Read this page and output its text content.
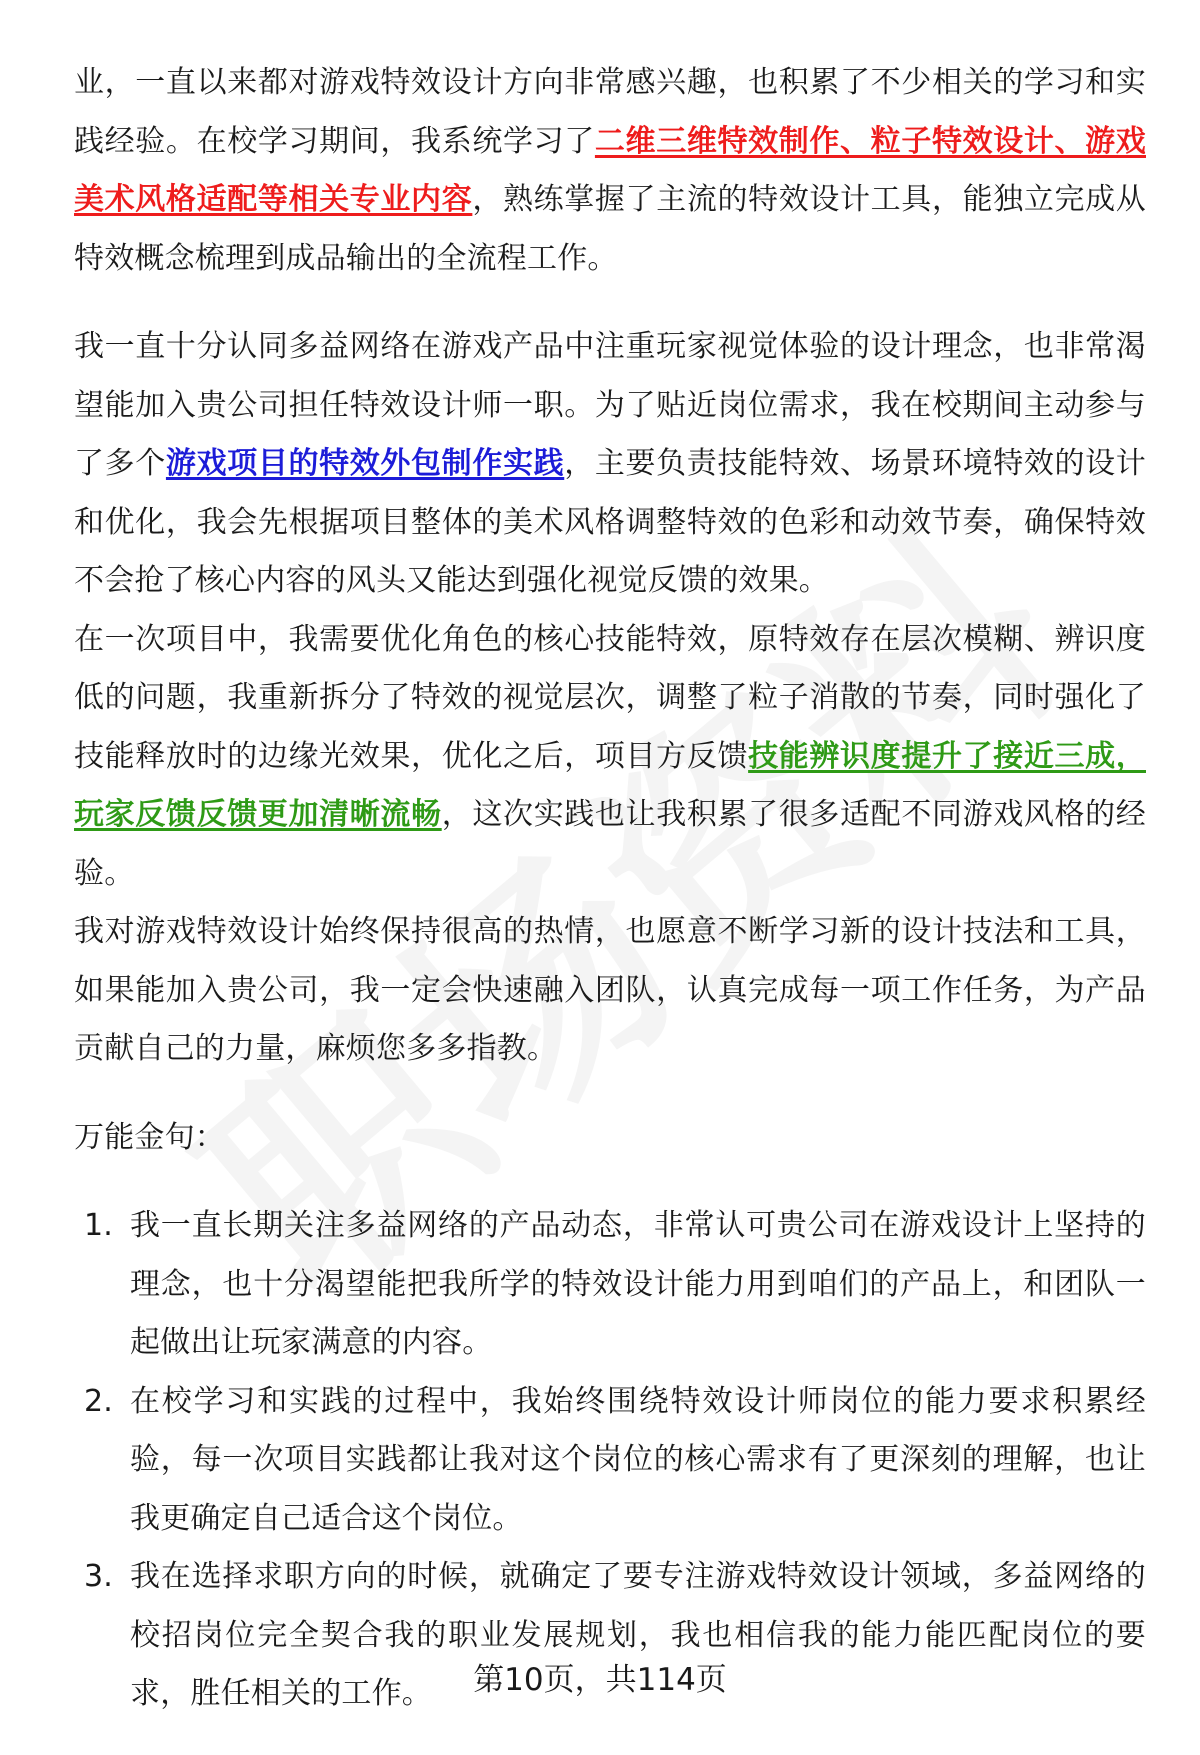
业，一直以来都对游戏特效设计方向非常感兴趣，也积累了不少相关的学习和实践经验。在校学习期间，我系统学习了二维三维特效制作、粒子特效设计、游戏美术风格适配等相关专业内容，熟练掌握了主流的特效设计工具，能独立完成从特效概念梳理到成品输出的全流程工作。

我一直十分认同多益网络在游戏产品中注重玩家视觉体验的设计理念，也非常渴望能加入贵公司担任特效设计师一职。为了贴近岗位需求，我在校期间主动参与了多个游戏项目的特效外包制作实践，主要负责技能特效、场景环境特效的设计和优化，我会先根据项目整体的美术风格调整特效的色彩和动效节奏，确保特效不会抢了核心内容的风头又能达到强化视觉反馈的效果。

在一次项目中，我需要优化角色的核心技能特效，原特效存在层次模糊、辨识度低的问题，我重新拆分了特效的视觉层次，调整了粒子消散的节奏，同时强化了技能释放时的边缘光效果，优化之后，项目方反馈技能辨识度提升了接近三成，玩家反馈反馈更加清晰流畅，这次实践也让我积累了很多适配不同游戏风格的经验。

我对游戏特效设计始终保持很高的热情，也愿意不断学习新的设计技法和工具，如果能加入贵公司，我一定会快速融入团队，认真完成每一项工作任务，为产品贡献自己的力量，麻烦您多多指教。

万能金句：

1. 我一直长期关注多益网络的产品动态，非常认可贵公司在游戏设计上坚持的理念，也十分渴望能把我所学的特效设计能力用到咱们的产品上，和团队一起做出让玩家满意的内容。
2. 在校学习和实践的过程中，我始终围绕特效设计师岗位的能力要求积累经验，每一次项目实践都让我对这个岗位的核心需求有了更深刻的理解，也让我更确定自己适合这个岗位。
3. 我在选择求职方向的时候，就确定了要专注游戏特效设计领域，多益网络的校招岗位完全契合我的职业发展规划，我也相信我的能力能匹配岗位的要求，胜任相关的工作。	第10页，共114页
